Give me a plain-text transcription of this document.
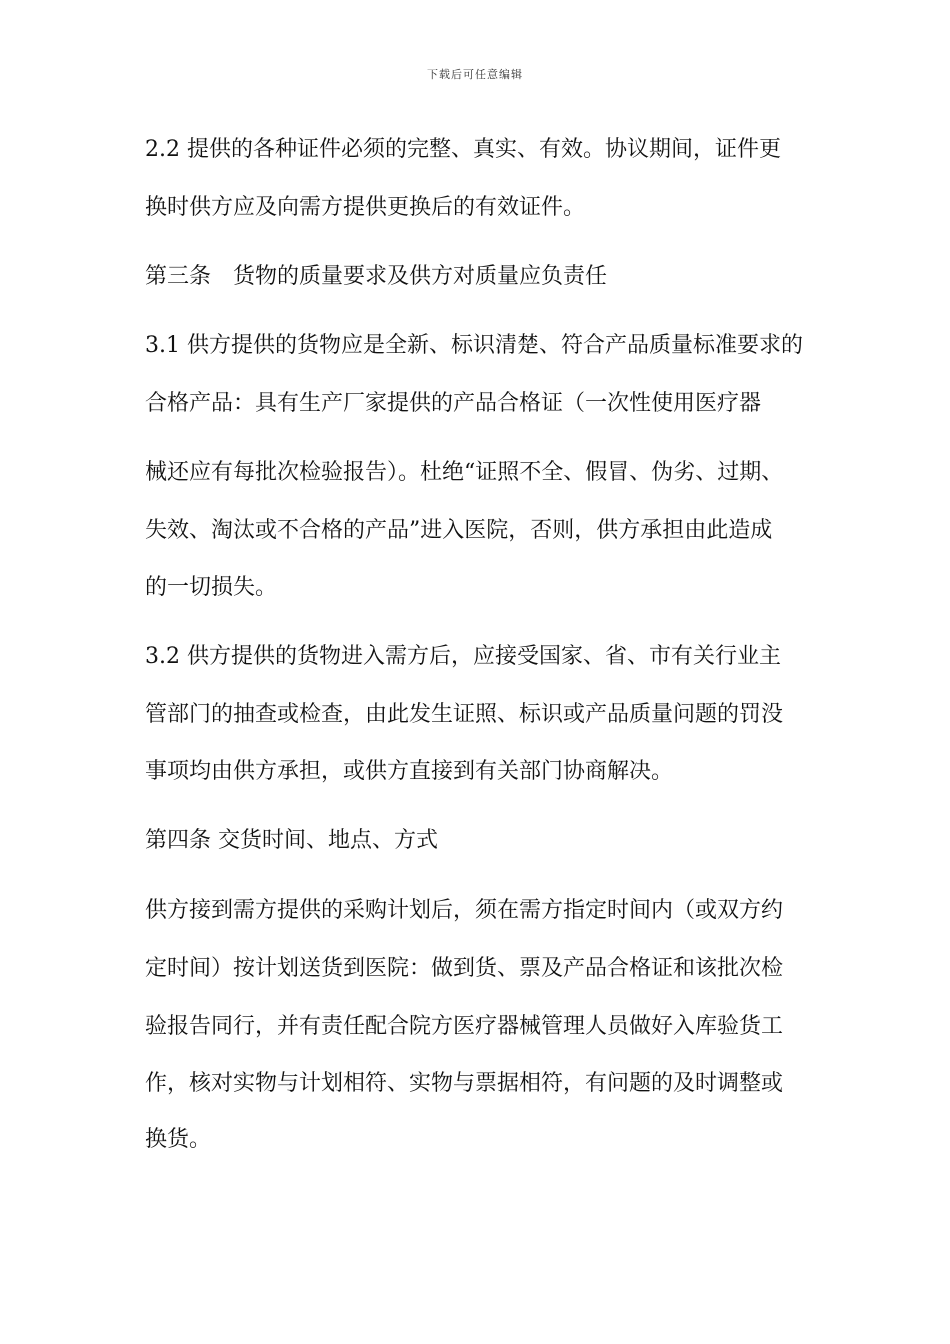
下载后可任意编辑
2.2 提供的各种证件必须的完整、真实、有效。协议期间，证件更
换时供方应及向需方提供更换后的有效证件。
第三条　货物的质量要求及供方对质量应负责任
3.1 供方提供的货物应是全新、标识清楚、符合产品质量标准要求的
合格产品：具有生产厂家提供的产品合格证（一次性使用医疗器
械还应有每批次检验报告）。杜绝“证照不全、假冒、伪劣、过期、
失效、淘汰或不合格的产品”进入医院，否则，供方承担由此造成
的一切损失。
3.2 供方提供的货物进入需方后，应接受国家、省、市有关行业主
管部门的抽查或检查，由此发生证照、标识或产品质量问题的罚没
事项均由供方承担，或供方直接到有关部门协商解决。
第四条 交货时间、地点、方式
供方接到需方提供的采购计划后，须在需方指定时间内（或双方约
定时间）按计划送货到医院：做到货、票及产品合格证和该批次检
验报告同行，并有责任配合院方医疗器械管理人员做好入库验货工
作，核对实物与计划相符、实物与票据相符，有问题的及时调整或
换货。
